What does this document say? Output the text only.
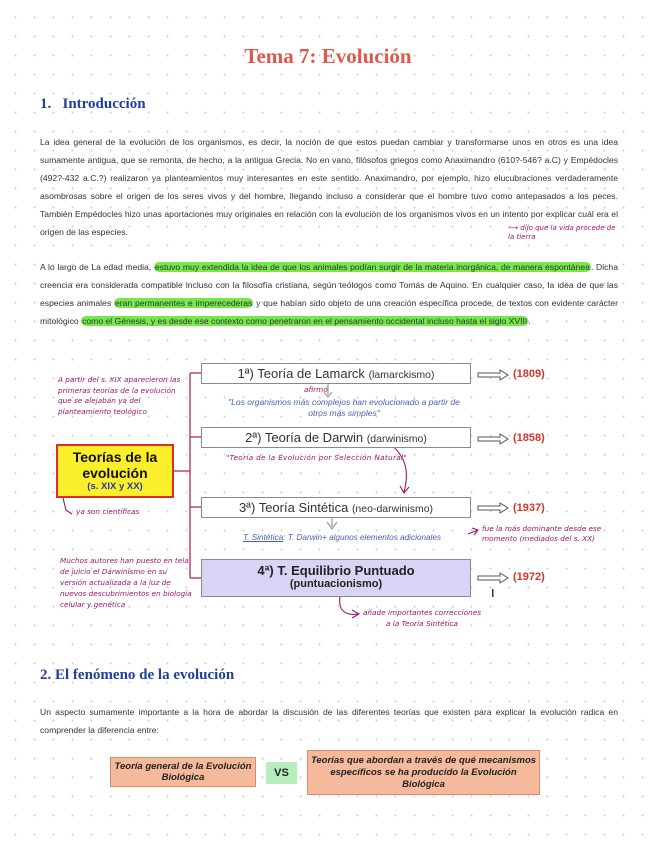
Tema 7: Evolución
1.   Introducción
La idea general de la evolución de los organismos, es decir, la noción de que estos puedan cambiar y transformarse unos en otros es una idea sumamente antigua, que se remonta, de hecho, a la antigua Grecia. No en vano, filósofos griegos como Anaximandro (610?-546? a.C) y Empédocles (492?-432 a.C.?) realizaron ya planteamientos muy interesantes en este sentido. Anaximandro, por ejemplo, hizo elucubraciones verdaderamente asombrosas sobre el origen de los seres vivos y del hombre, llegando incluso a considerar que el hombre tuvo como antepasados a los peces. También Empédocles hizo unas aportaciones muy originales en relación con la evolución de los organismos vivos en un intento por explicar cuál era el origen de las especies.	⟶ dijo que la vida procede de la tierra
A lo largo de La edad media, estuvo muy extendida la idea de que los animales podían surgir de la materia inorgánica, de manera espontánea. Dicha creencia era considerada compatible incluso con la filosofía cristiana, según teólogos como Tomás de Aquino. En cualquier caso, la idea de que las especies animales eran permanentes e imperecederas y que habían sido objeto de una creación específica procede, de textos con evidente carácter mitológico como el Génesis, y es desde ese contexto como penetraron en el pensamiento occidental incluso hasta el siglo XVIII.
Teorías de la evolución
(s. XIX y XX)
1ª) Teoría de Lamarck (lamarckismo)	(1809)
afirmó
"Los organismos más complejos han evolucionado a partir de otros más simples"
2ª) Teoría de Darwin (darwinismo)	(1858)
"Teoría de la Evolución por Selección Natural"
3ª) Teoría Sintética (neo-darwinismo)	(1937)
T. Sintética: T. Darwin+ algunos elementos adicionales
fue la más dominante desde ese momento (mediados del s. XX)
4ª) T. Equilibrio Puntuado
(puntuacionismo)
(1972)
A partir del s. XIX aparecieron las primeras teorías de la evolución que se alejaban ya del planteamiento teológico
ya son científicas
Muchos autores han puesto en tela de juicio el Darwinismo en su versión actualizada a la luz de nuevos descubrimientos en biología celular y genética
añade importantes correcciones a la Teoría Sintética
2. El fenómeno de la evolución
Un aspecto sumamente importante a la hora de abordar la discusión de las diferentes teorías que existen para explicar la evolución radica en comprender la diferencia entre:
Teoría general de la Evolución Biológica	VS
Teorías que abordan a través de qué mecanismos específicos se ha producido la Evolución Biológica
